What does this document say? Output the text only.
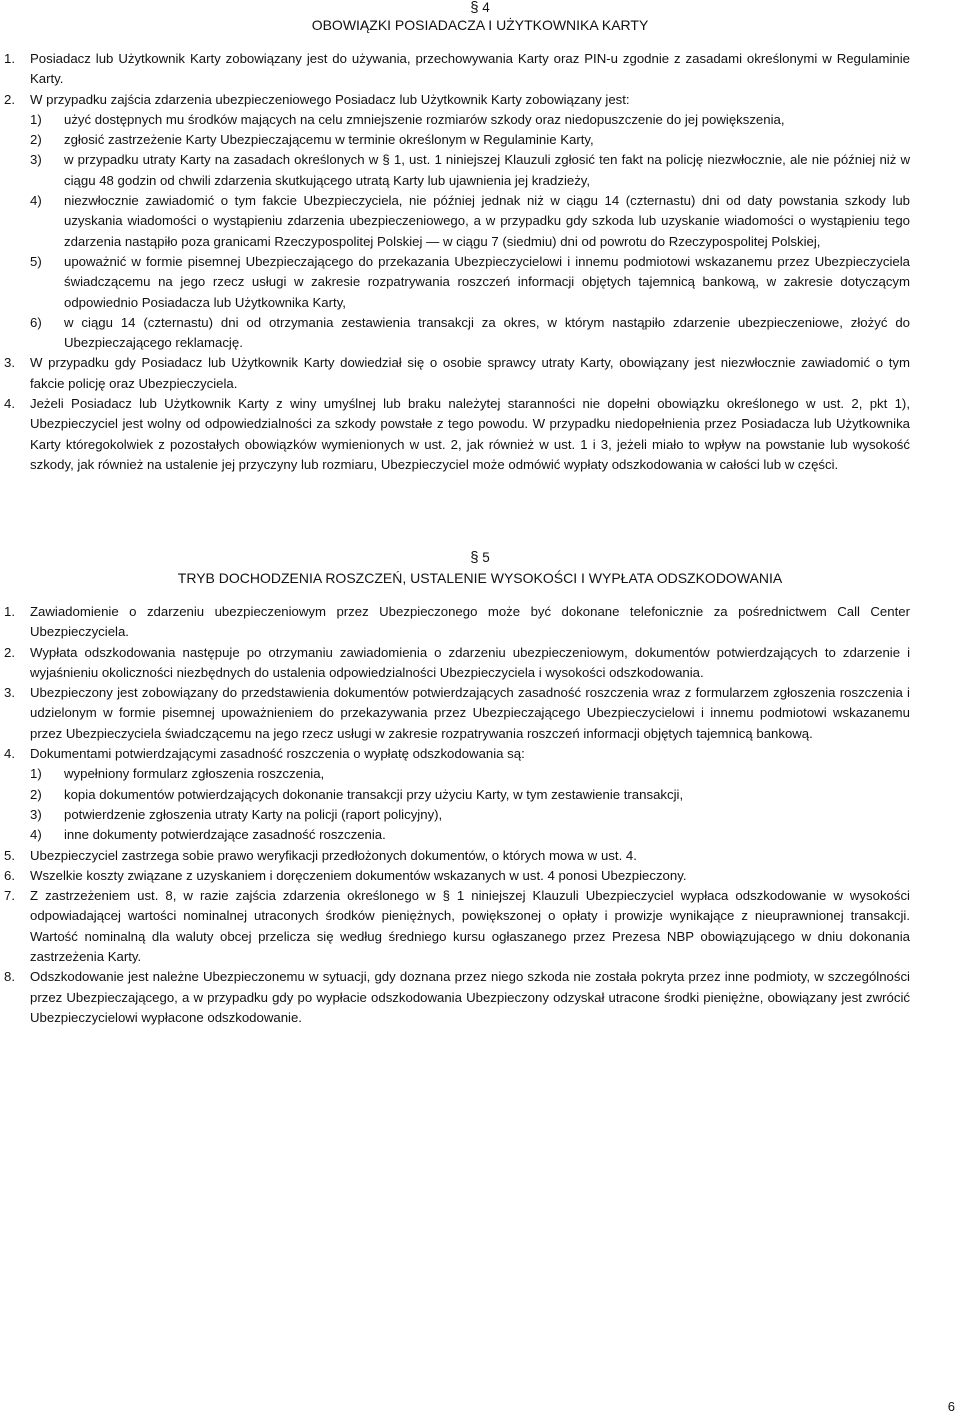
§ 4
OBOWIĄZKI POSIADACZA I UŻYTKOWNIKA KARTY
1. Posiadacz lub Użytkownik Karty zobowiązany jest do używania, przechowywania Karty oraz PIN-u zgodnie z zasadami określonymi w Regulaminie Karty.
2. W przypadku zajścia zdarzenia ubezpieczeniowego Posiadacz lub Użytkownik Karty zobowiązany jest:
1) użyć dostępnych mu środków mających na celu zmniejszenie rozmiarów szkody oraz niedopuszczenie do jej powiększenia,
2) zgłosić zastrzeżenie Karty Ubezpieczającemu w terminie określonym w Regulaminie Karty,
3) w przypadku utraty Karty na zasadach określonych w § 1, ust. 1 niniejszej Klauzuli zgłosić ten fakt na policję niezwłocznie, ale nie później niż w ciągu 48 godzin od chwili zdarzenia skutkującego utratą Karty lub ujawnienia jej kradzieży,
4) niezwłocznie zawiadomić o tym fakcie Ubezpieczyciela, nie później jednak niż w ciągu 14 (czternastu) dni od daty powstania szkody lub uzyskania wiadomości o wystąpieniu zdarzenia ubezpieczeniowego, a w przypadku gdy szkoda lub uzyskanie wiadomości o wystąpieniu tego zdarzenia nastąpiło poza granicami Rzeczypospolitej Polskiej — w ciągu 7 (siedmiu) dni od powrotu do Rzeczypospolitej Polskiej,
5) upoważnić w formie pisemnej Ubezpieczającego do przekazania Ubezpieczycielowi i innemu podmiotowi wskazanemu przez Ubezpieczyciela świadczącemu na jego rzecz usługi w zakresie rozpatrywania roszczeń informacji objętych tajemnicą bankową, w zakresie dotyczącym odpowiednio Posiadacza lub Użytkownika Karty,
6) w ciągu 14 (czternastu) dni od otrzymania zestawienia transakcji za okres, w którym nastąpiło zdarzenie ubezpieczeniowe, złożyć do Ubezpieczającego reklamację.
3. W przypadku gdy Posiadacz lub Użytkownik Karty dowiedział się o osobie sprawcy utraty Karty, obowiązany jest niezwłocznie zawiadomić o tym fakcie policję oraz Ubezpieczyciela.
4. Jeżeli Posiadacz lub Użytkownik Karty z winy umyślnej lub braku należytej staranności nie dopełni obowiązku określonego w ust. 2, pkt 1), Ubezpieczyciel jest wolny od odpowiedzialności za szkody powstałe z tego powodu. W przypadku niedopełnienia przez Posiadacza lub Użytkownika Karty któregokolwiek z pozostałych obowiązków wymienionych w ust. 2, jak również w ust. 1 i 3, jeżeli miało to wpływ na powstanie lub wysokość szkody, jak również na ustalenie jej przyczyny lub rozmiaru, Ubezpieczyciel może odmówić wypłaty odszkodowania w całości lub w części.
§ 5
TRYB DOCHODZENIA ROSZCZEŃ, USTALENIE WYSOKOŚCI I WYPŁATA ODSZKODOWANIA
1. Zawiadomienie o zdarzeniu ubezpieczeniowym przez Ubezpieczonego może być dokonane telefonicznie za pośrednictwem Call Center Ubezpieczyciela.
2. Wypłata odszkodowania następuje po otrzymaniu zawiadomienia o zdarzeniu ubezpieczeniowym, dokumentów potwierdzających to zdarzenie i wyjaśnieniu okoliczności niezbędnych do ustalenia odpowiedzialności Ubezpieczyciela i wysokości odszkodowania.
3. Ubezpieczony jest zobowiązany do przedstawienia dokumentów potwierdzających zasadność roszczenia wraz z formularzem zgłoszenia roszczenia i udzielonym w formie pisemnej upoważnieniem do przekazywania przez Ubezpieczającego Ubezpieczycielowi i innemu podmiotowi wskazanemu przez Ubezpieczyciela świadczącemu na jego rzecz usługi w zakresie rozpatrywania roszczeń informacji objętych tajemnicą bankową.
4. Dokumentami potwierdzającymi zasadność roszczenia o wypłatę odszkodowania są:
1) wypełniony formularz zgłoszenia roszczenia,
2) kopia dokumentów potwierdzających dokonanie transakcji przy użyciu Karty, w tym zestawienie transakcji,
3) potwierdzenie zgłoszenia utraty Karty na policji (raport policyjny),
4) inne dokumenty potwierdzające zasadność roszczenia.
5. Ubezpieczyciel zastrzega sobie prawo weryfikacji przedłożonych dokumentów, o których mowa w ust. 4.
6. Wszelkie koszty związane z uzyskaniem i doręczeniem dokumentów wskazanych w ust. 4 ponosi Ubezpieczony.
7. Z zastrzeżeniem ust. 8, w razie zajścia zdarzenia określonego w § 1 niniejszej Klauzuli Ubezpieczyciel wypłaca odszkodowanie w wysokości odpowiadającej wartości nominalnej utraconych środków pieniężnych, powiększonej o opłaty i prowizje wynikające z nieuprawnionej transakcji. Wartość nominalną dla waluty obcej przelicza się według średniego kursu ogłaszanego przez Prezesa NBP obowiązującego w dniu dokonania zastrzeżenia Karty.
8. Odszkodowanie jest należne Ubezpieczonemu w sytuacji, gdy doznana przez niego szkoda nie została pokryta przez inne podmioty, w szczególności przez Ubezpieczającego, a w przypadku gdy po wypłacie odszkodowania Ubezpieczony odzyskał utracone środki pieniężne, obowiązany jest zwrócić Ubezpieczycielowi wypłacone odszkodowanie.
6
